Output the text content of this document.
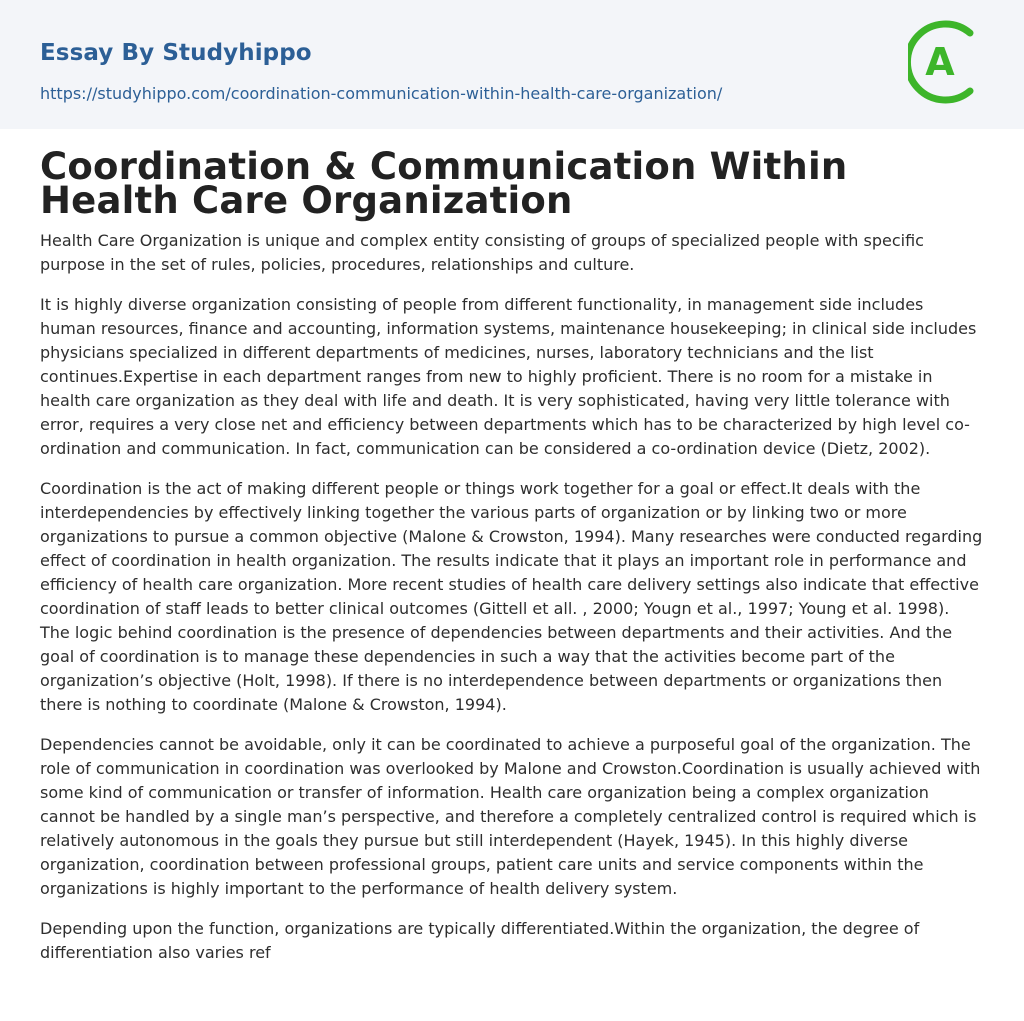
Essay By Studyhippo
https://studyhippo.com/coordination-communication-within-health-care-organization/
A
Coordination & Communication Within Health Care Organization

Health Care Organization is unique and complex entity consisting of groups of specialized people with specific purpose in the set of rules, policies, procedures, relationships and culture.

It is highly diverse organization consisting of people from different functionality, in management side includes human resources, finance and accounting, information systems, maintenance housekeeping; in clinical side includes physicians specialized in different departments of medicines, nurses, laboratory technicians and the list continues.Expertise in each department ranges from new to highly proficient. There is no room for a mistake in health care organization as they deal with life and death. It is very sophisticated, having very little tolerance with error, requires a very close net and efficiency between departments which has to be characterized by high level co-ordination and communication. In fact, communication can be considered a co-ordination device (Dietz, 2002).

Coordination is the act of making different people or things work together for a goal or effect.It deals with the interdependencies by effectively linking together the various parts of organization or by linking two or more organizations to pursue a common objective (Malone & Crowston, 1994). Many researches were conducted regarding effect of coordination in health organization. The results indicate that it plays an important role in performance and efficiency of health care organization. More recent studies of health care delivery settings also indicate that effective coordination of staff leads to better clinical outcomes (Gittell et all. , 2000; Yougn et al., 1997; Young et al. 1998). The logic behind coordination is the presence of dependencies between departments and their activities. And the goal of coordination is to manage these dependencies in such a way that the activities become part of the organization’s objective (Holt, 1998). If there is no interdependence between departments or organizations then there is nothing to coordinate (Malone & Crowston, 1994).

Dependencies cannot be avoidable, only it can be coordinated to achieve a purposeful goal of the organization. The role of communication in coordination was overlooked by Malone and Crowston.Coordination is usually achieved with some kind of communication or transfer of information. Health care organization being a complex organization cannot be handled by a single man’s perspective, and therefore a completely centralized control is required which is relatively autonomous in the goals they pursue but still interdependent (Hayek, 1945). In this highly diverse organization, coordination between professional groups, patient care units and service components within the organizations is highly important to the performance of health delivery system.

Depending upon the function, organizations are typically differentiated.Within the organization, the degree of differentiation also varies ref
